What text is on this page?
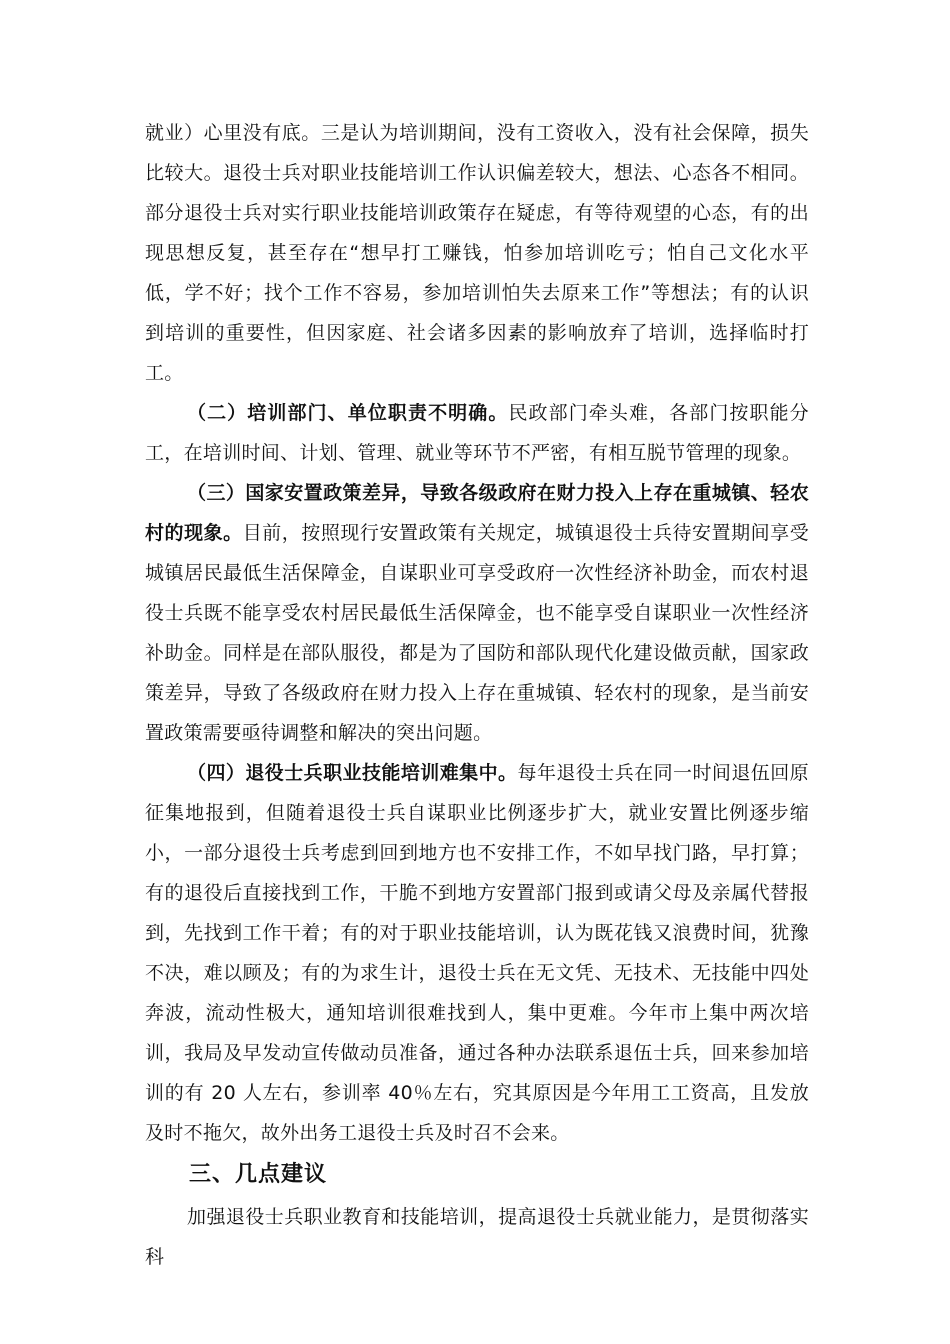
就业）心里没有底。三是认为培训期间，没有工资收入，没有社会保障，损失比较大。退役士兵对职业技能培训工作认识偏差较大，想法、心态各不相同。部分退役士兵对实行职业技能培训政策存在疑虑，有等待观望的心态，有的出现思想反复，甚至存在“想早打工赚钱，怕参加培训吃亏；怕自己文化水平低，学不好；找个工作不容易，参加培训怕失去原来工作”等想法；有的认识到培训的重要性，但因家庭、社会诸多因素的影响放弃了培训，选择临时打工。

（二）培训部门、单位职责不明确。民政部门牵头难，各部门按职能分工，在培训时间、计划、管理、就业等环节不严密，有相互脱节管理的现象。

（三）国家安置政策差异，导致各级政府在财力投入上存在重城镇、轻农村的现象。目前，按照现行安置政策有关规定，城镇退役士兵待安置期间享受城镇居民最低生活保障金，自谋职业可享受政府一次性经济补助金，而农村退役士兵既不能享受农村居民最低生活保障金，也不能享受自谋职业一次性经济补助金。同样是在部队服役，都是为了国防和部队现代化建设做贡献，国家政策差异，导致了各级政府在财力投入上存在重城镇、轻农村的现象，是当前安置政策需要亟待调整和解决的突出问题。

（四）退役士兵职业技能培训难集中。每年退役士兵在同一时间退伍回原征集地报到，但随着退役士兵自谋职业比例逐步扩大，就业安置比例逐步缩小，一部分退役士兵考虑到回到地方也不安排工作，不如早找门路，早打算；有的退役后直接找到工作，干脆不到地方安置部门报到或请父母及亲属代替报到，先找到工作干着；有的对于职业技能培训，认为既花钱又浪费时间，犹豫不决，难以顾及；有的为求生计，退役士兵在无文凭、无技术、无技能中四处奔波，流动性极大，通知培训很难找到人，集中更难。今年市上集中两次培训，我局及早发动宣传做动员准备，通过各种办法联系退伍士兵，回来参加培训的有 20 人左右，参训率 40％左右，究其原因是今年用工工资高，且发放及时不拖欠，故外出务工退役士兵及时召不会来。

三、几点建议

加强退役士兵职业教育和技能培训，提高退役士兵就业能力，是贯彻落实科
